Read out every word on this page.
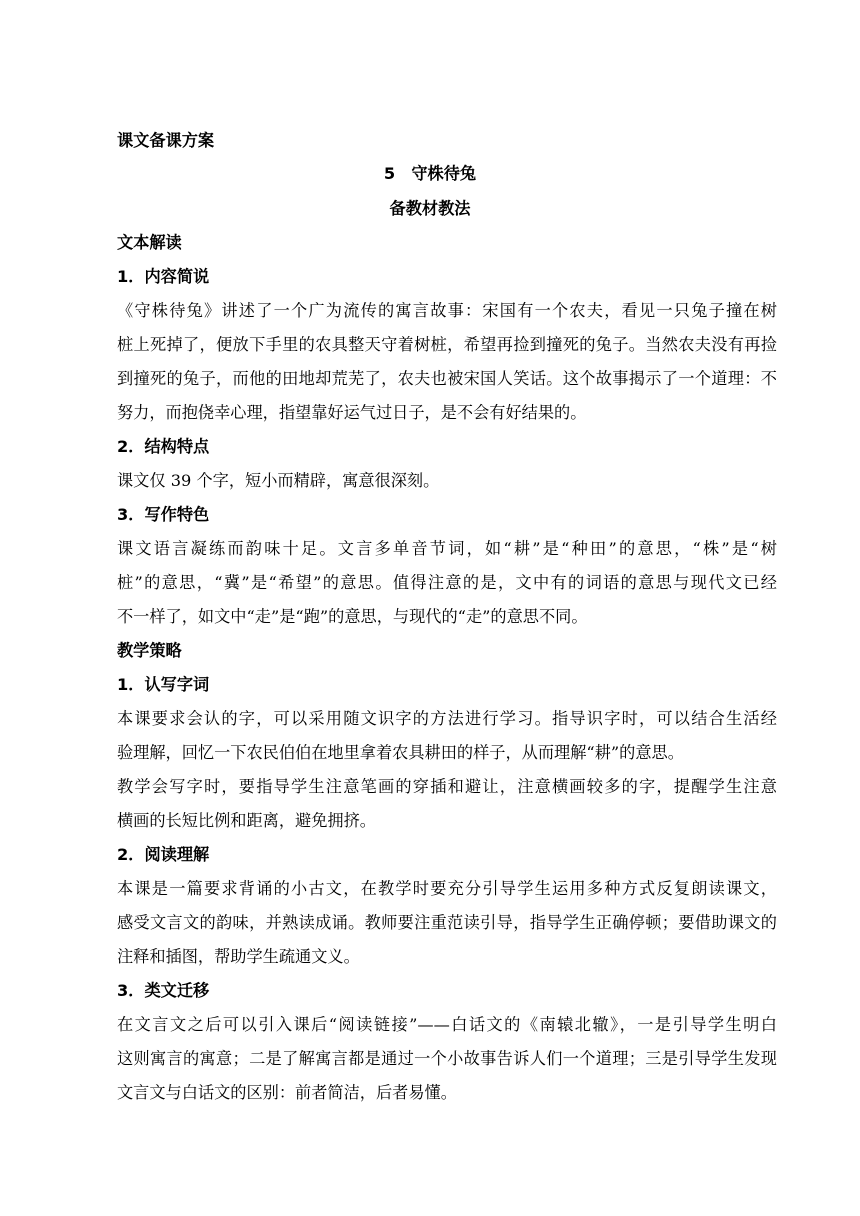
课文备课方案
5　守株待兔
备教材教法
文本解读
1．内容简说
《守株待兔》讲述了一个广为流传的寓言故事：宋国有一个农夫，看见一只兔子撞在树
桩上死掉了，便放下手里的农具整天守着树桩，希望再捡到撞死的兔子。当然农夫没有再捡
到撞死的兔子，而他的田地却荒芜了，农夫也被宋国人笑话。这个故事揭示了一个道理：不
努力，而抱侥幸心理，指望靠好运气过日子，是不会有好结果的。
2．结构特点
课文仅 39 个字，短小而精辟，寓意很深刻。
3．写作特色
课文语言凝练而韵味十足。文言多单音节词，如“耕”是“种田”的意思，“株”是“树
桩”的意思，“冀”是“希望”的意思。值得注意的是，文中有的词语的意思与现代文已经
不一样了，如文中“走”是“跑”的意思，与现代的“走”的意思不同。
教学策略
1．认写字词
本课要求会认的字，可以采用随文识字的方法进行学习。指导识字时，可以结合生活经
验理解，回忆一下农民伯伯在地里拿着农具耕田的样子，从而理解“耕”的意思。
教学会写字时，要指导学生注意笔画的穿插和避让，注意横画较多的字，提醒学生注意
横画的长短比例和距离，避免拥挤。
2．阅读理解
本课是一篇要求背诵的小古文，在教学时要充分引导学生运用多种方式反复朗读课文，
感受文言文的韵味，并熟读成诵。教师要注重范读引导，指导学生正确停顿；要借助课文的
注释和插图，帮助学生疏通文义。
3．类文迁移
在文言文之后可以引入课后“阅读链接”——白话文的《南辕北辙》，一是引导学生明白
这则寓言的寓意；二是了解寓言都是通过一个小故事告诉人们一个道理；三是引导学生发现
文言文与白话文的区别：前者简洁，后者易懂。
